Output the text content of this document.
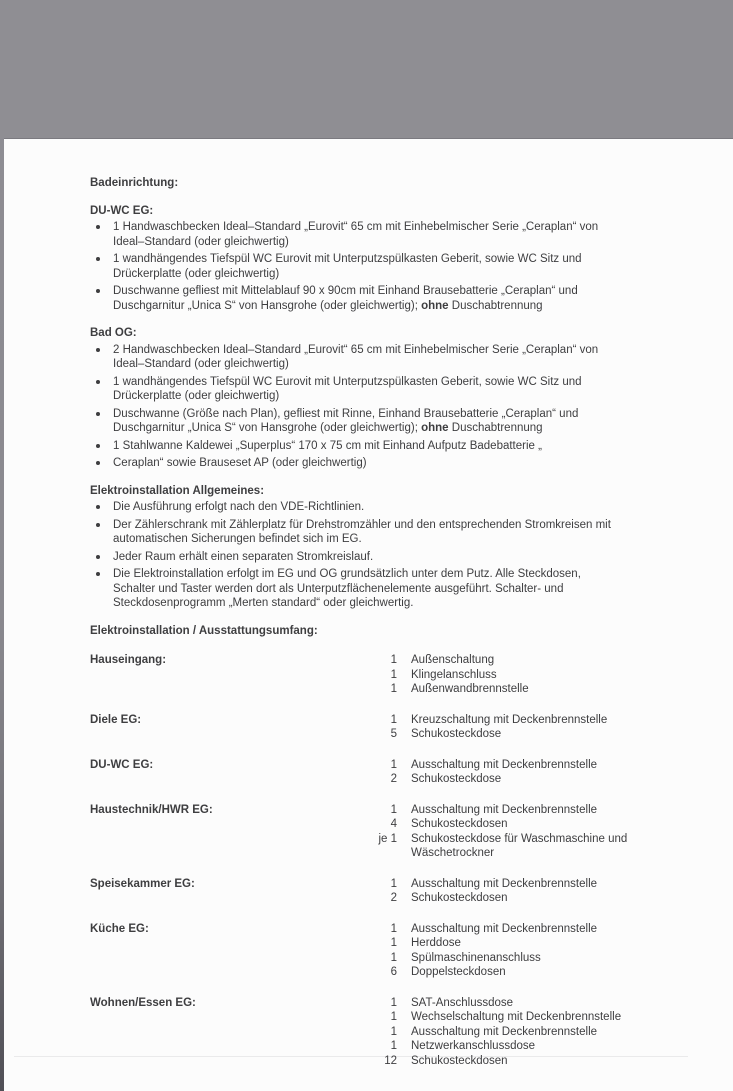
Badeinrichtung:
DU-WC EG:
1 Handwaschbecken Ideal–Standard „Eurovit“ 65 cm mit Einhebelmischer Serie „Ceraplan“ von
Ideal–Standard (oder gleichwertig)
1 wandhängendes Tiefspül WC Eurovit mit Unterputzspülkasten Geberit, sowie WC Sitz und
Drückerplatte (oder gleichwertig)
Duschwanne gefliest mit Mittelablauf 90 x 90cm mit Einhand Brausebatterie „Ceraplan“ und
Duschgarnitur „Unica S“ von Hansgrohe (oder gleichwertig); ohne Duschabtrennung
Bad OG:
2 Handwaschbecken Ideal–Standard „Eurovit“ 65 cm mit Einhebelmischer Serie „Ceraplan“ von
Ideal–Standard (oder gleichwertig)
1 wandhängendes Tiefspül WC Eurovit mit Unterputzspülkasten Geberit, sowie WC Sitz und
Drückerplatte (oder gleichwertig)
Duschwanne (Größe nach Plan), gefliest mit Rinne, Einhand Brausebatterie „Ceraplan“ und
Duschgarnitur „Unica S“ von Hansgrohe (oder gleichwertig); ohne Duschabtrennung
1 Stahlwanne Kaldewei „Superplus“ 170 x 75 cm mit Einhand Aufputz Badebatterie „
Ceraplan“ sowie Brauseset AP (oder gleichwertig)
Elektroinstallation Allgemeines:
Die Ausführung erfolgt nach den VDE-Richtlinien.
Der Zählerschrank mit Zählerplatz für Drehstromzähler und den entsprechenden Stromkreisen mit
automatischen Sicherungen befindet sich im EG.
Jeder Raum erhält einen separaten Stromkreislauf.
Die Elektroinstallation erfolgt im EG und OG grundsätzlich unter dem Putz. Alle Steckdosen,
Schalter und Taster werden dort als Unterputzflächenelemente ausgeführt. Schalter- und
Steckdosenprogramm „Merten standard“ oder gleichwertig.
Elektroinstallation / Ausstattungsumfang:
Hauseingang:	1 Außenschaltung
1 Klingelanschluss
1 Außenwandbrennstelle
Diele EG:	1 Kreuzschaltung mit Deckenbrennstelle
5 Schukosteckdose
DU-WC EG:	1 Ausschaltung mit Deckenbrennstelle
2 Schukosteckdose
Haustechnik/HWR EG:	1 Ausschaltung mit Deckenbrennstelle
4 Schukosteckdosen
je 1 Schukosteckdose für Waschmaschine und
Wäschetrockner
Speisekammer EG:	1 Ausschaltung mit Deckenbrennstelle
2 Schukosteckdosen
Küche EG:	1 Ausschaltung mit Deckenbrennstelle
1 Herddose
1 Spülmaschinenanschluss
6 Doppelsteckdosen
Wohnen/Essen EG:	1 SAT-Anschlussdose
1 Wechselschaltung mit Deckenbrennstelle
1 Ausschaltung mit Deckenbrennstelle
1 Netzwerkanschlussdose
12 Schukosteckdosen
